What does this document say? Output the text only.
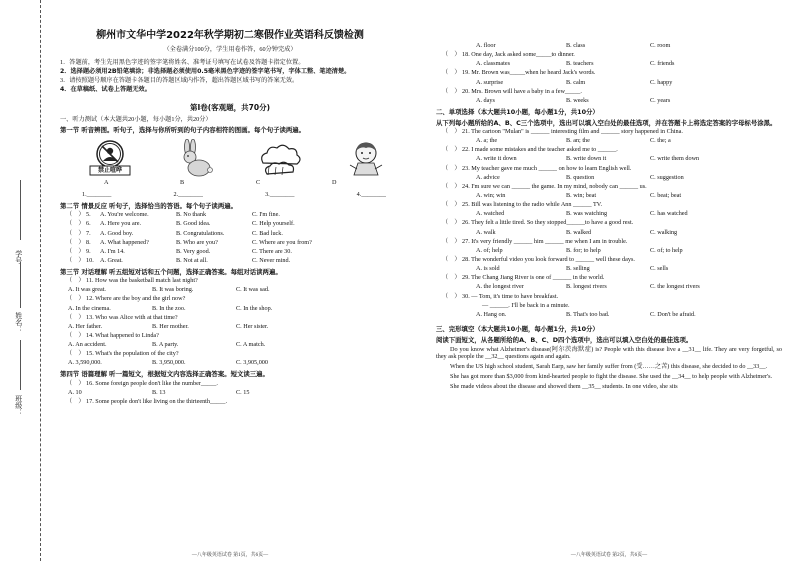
学号：
姓名：
班级：
柳州市文华中学2022年秋学期初二寒假作业英语科反馈检测
（全卷满分100分，学生用卷作答，60分钟完成）
1．答题前，考生先用黑色字迹的签字笔将姓名、准考证号填写在试卷及答题卡指定位置。
2．选择题必须用2B铅笔填涂；非选择题必须使用0.5毫米黑色字迹的签字笔书写，字体工整、笔迹清楚。
3．请按照题号顺序在答题卡各题目的答题区域内作答，超出答题区域书写的答案无效。
4．在草稿纸、试卷上答题无效。
第I卷(客观题，共70分)
一、听力测试（本大题共20小题，每小题1分，共20分）
第一节 听音辨图。听句子，选择与你所听到的句子内容相符的图画。每个句子读两遍。
禁止喧哗
A	B	C	D
1.________	2.________	3.________	4.________
第二节 情景反应 听句子，选择恰当的答语。每个句子读两遍。
（　） 5.	A. You're welcome.	B. No thank	C. I'm fine.
（　） 6.	A. Here you are.	B. Good idea.	C. Help yourself.
（　） 7.	A. Good boy.	B. Congratulations.	C. Bad luck.
（　） 8.	A. What happened?	B. Who are you?	C. Where are you from?
（　） 9.	A. I'm 14.	B. Very good.	C. There are 30.
（　） 10.	A. Great.	B. Not at all.	C. Never mind.
第三节 对话理解 听五组短对话和五个问题，选择正确答案。每组对话读两遍。
（　） 11. How was the basketball match last night?
A. It was great.	B. It was boring.	C. It was sad.
（　） 12. Where are the boy and the girl now?
A. In the cinema.	B. In the zoo.	C. In the shop.
（　） 13. Who was Alice with at that time?
A. Her father.	B. Her mother.	C. Her sister.
（　） 14. What happened to Linda?
A. An accident.	B. A party.	C. A match.
（　） 15. What's the population of the city?
A. 3,590,000.	B. 3,950,000.	C. 3,905,000
第四节 语篇理解 听一篇短文，根据短文内容选择正确答案。短文读三遍。
（　） 16. Some foreign people don't like the number_____.
A. 10	B. 13	C. 15
（　） 17. Some people don't like living on the thirteenth_____.
—八年级英语试卷 第1页，共6页—
A. floor	B. class	C. room
（　） 18. One day, Jack asked some_____to dinner.
A. classmates	B. teachers	C. friends
（　） 19. Mr. Brown was_____when he heard Jack's words.
A. surprise	B. calm	C. happy
（　） 20. Mrs. Brown will have a baby in a few_____.
A. days	B. weeks	C. years
二、单项选择（本大题共10小题，每小题1分，共10分）
从下列每小题所给的A、B、C三个选项中，选出可以填入空白处的最佳选项，并在答题卡上将选定答案的字母标号涂黑。
（　） 21. The cartoon "Mulan" is ______ interesting film and ______ story happened in China.
A. a; the	B. an; the	C. the; a
（　） 22. I made some mistakes and the teacher asked me to ______.
A. write it down	B. write down it	C. write them down
（　） 23. My teacher gave me much ______ on how to learn English well.
A. advice	B. question	C. suggestion
（　） 24. I'm sure we can ______ the game. In my mind, nobody can ______ us.
A. win; win	B. win; beat	C. beat; beat
（　） 25. Bill was listening to the radio while Ann ______ TV.
A. watched	B. was watching	C. has watched
（　） 26. They felt a little tired. So they stopped______to have a good rest.
A. walk	B. walked	C. walking
（　） 27. It's very friendly ______ him ______ me when I am in trouble.
A. of; help	B. for; to help	C. of; to help
（　） 28. The wonderful video you look forward to ______ well these days.
A. is sold	B. selling	C. sells
（　） 29. The Chang Jiang River is one of ______ in the world.
A. the longest river	B. longest rivers	C. the longest rivers
（　） 30. — Tom, it's time to have breakfast.
— ______. I'll be back in a minute.
A. Hang on.	B. That's too bad.	C. Don't be afraid.
三、完形填空（本大题共10小题，每小题1分，共10分）
阅读下面短文，从各题所给的A、B、C、D四个选项中，选出可以填入空白处的最佳选项。
Do you know what Alzheimer's disease(阿尔茨海默症) is? People with this disease live a __31__ life. They are very forgetful, so they ask people the __32__ questions again and again.
When the US high school student, Sarah Earp, saw her family suffer from (受……之苦) this disease, she decided to do __33__.
She has got more than $3,000 from kind-hearted people to fight the disease. She used the __34__ to help people with Alzheimer's.
She made videos about the disease and showed them __35__ students. In one video, she sits
—八年级英语试卷 第2页，共6页—
